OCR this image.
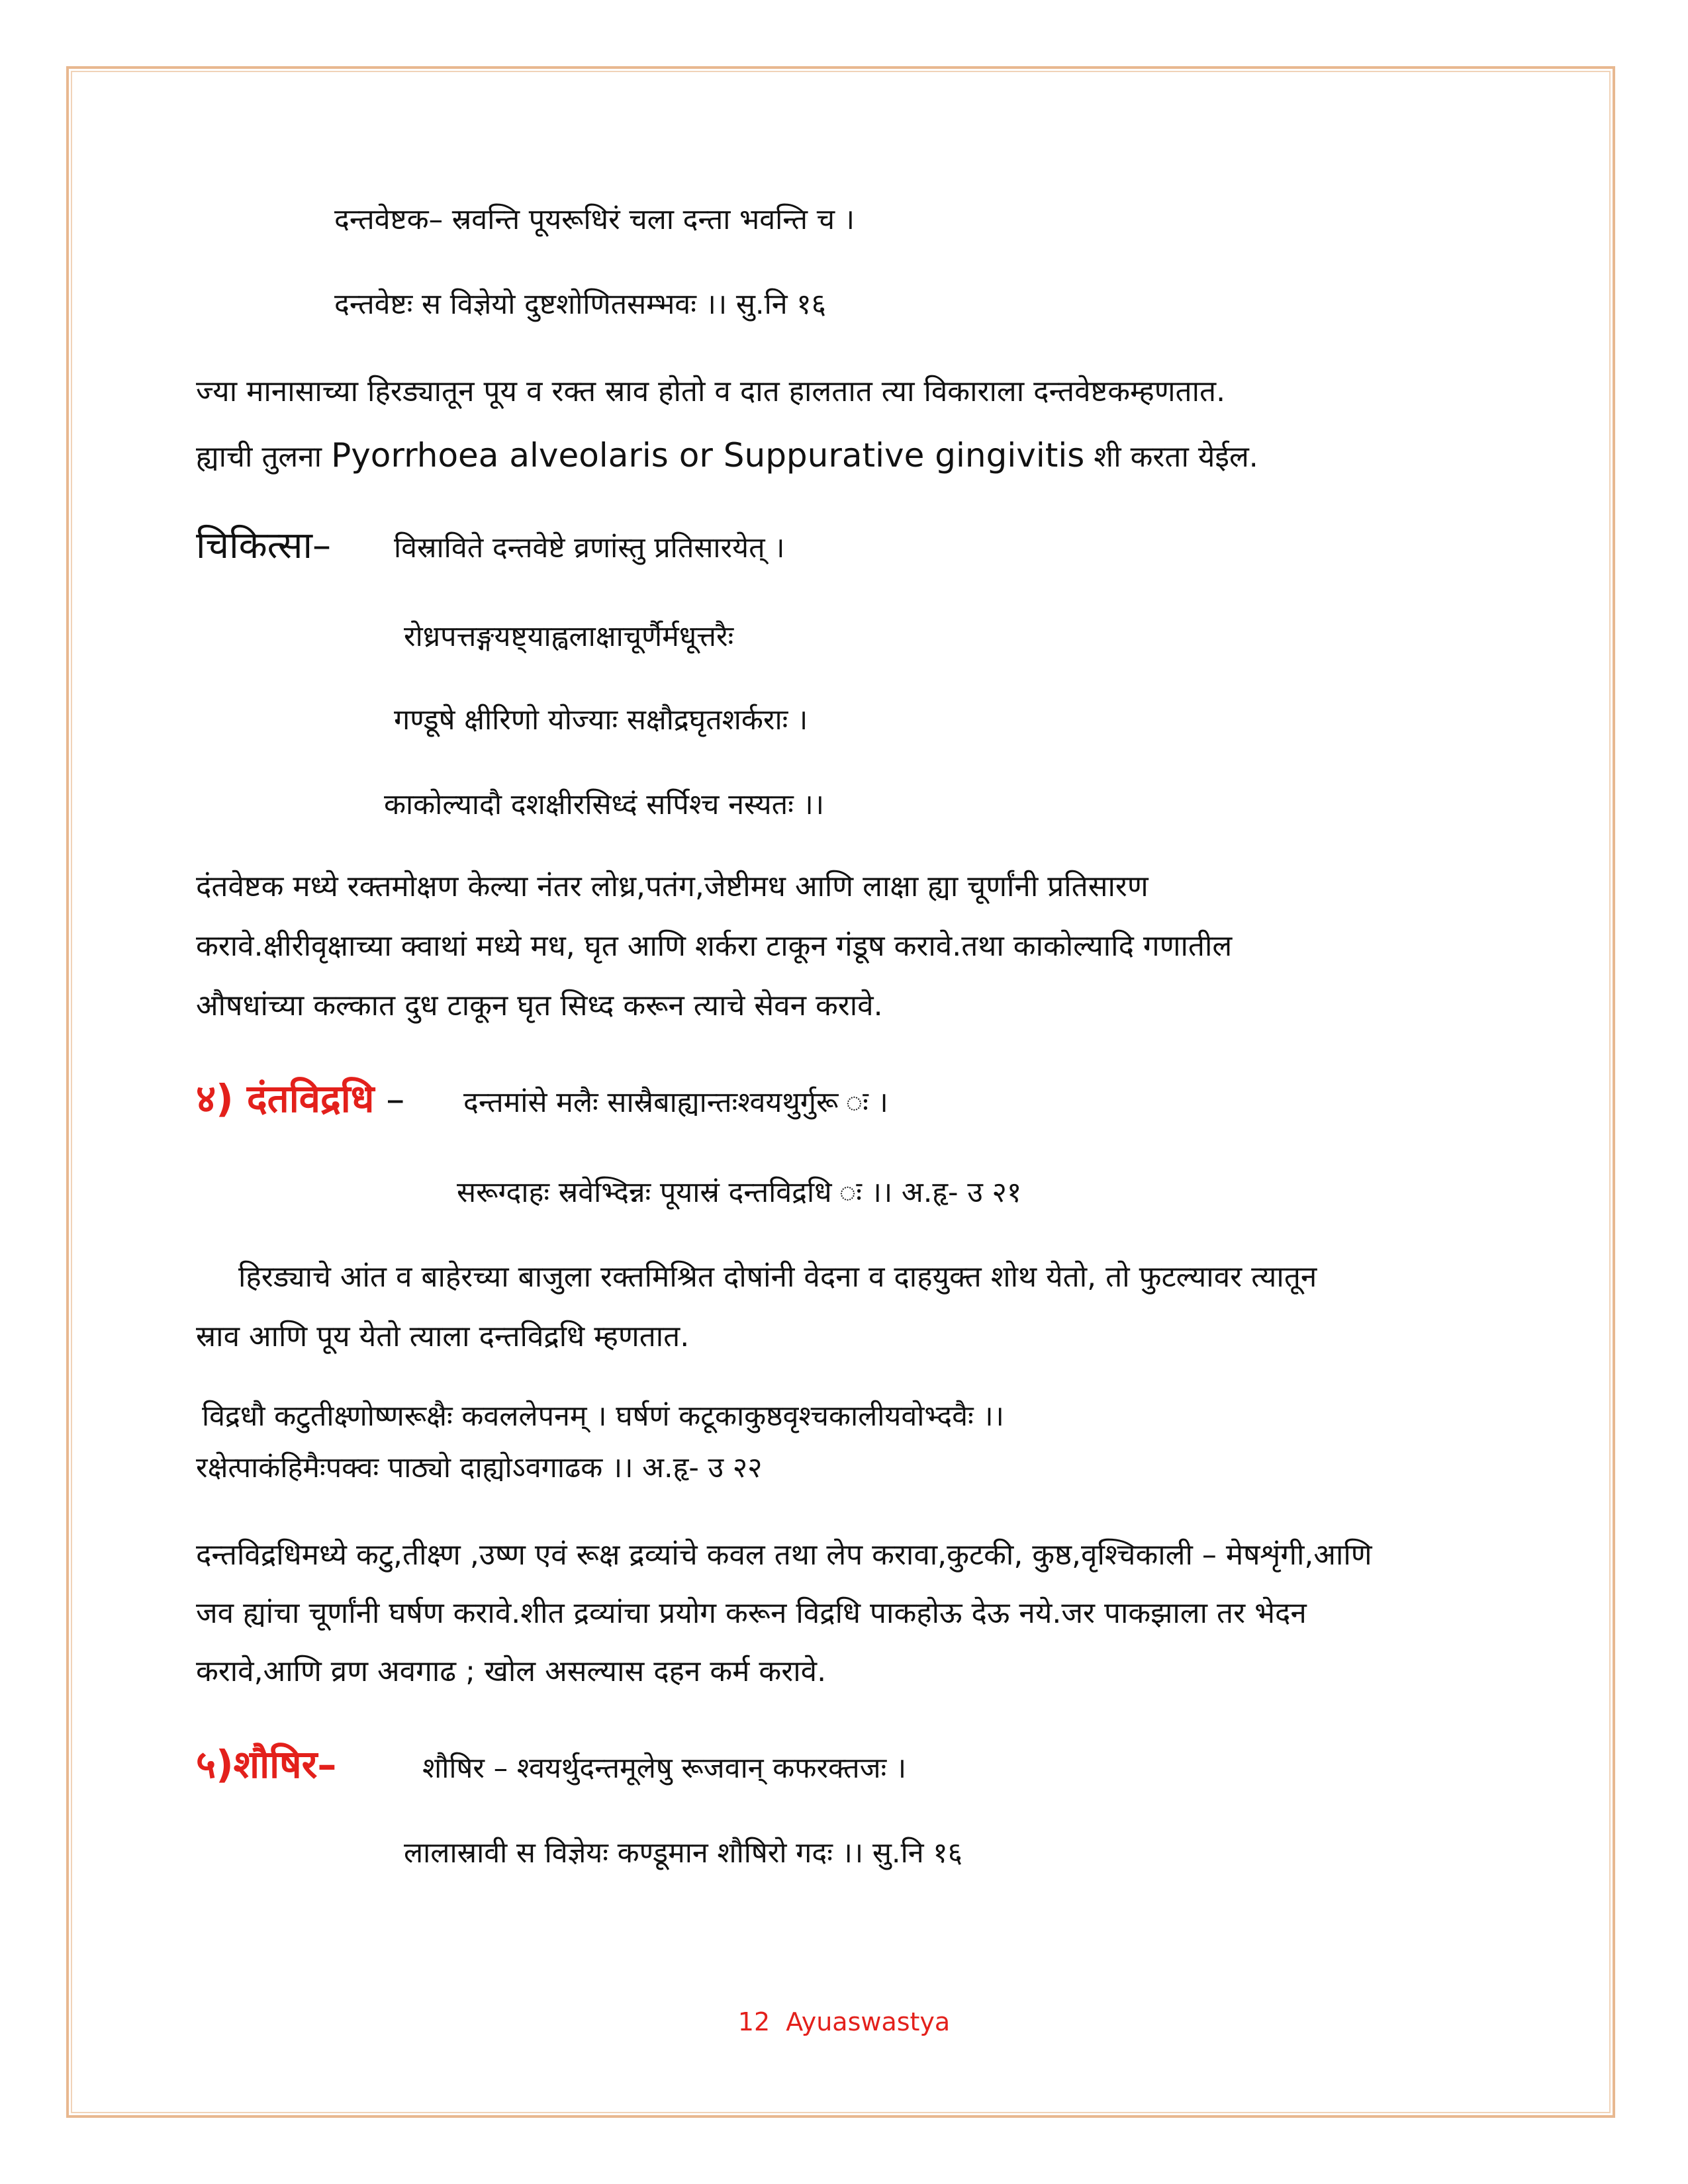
दन्तवेष्टक– स्रवन्ति पूयरूधिरं चला दन्ता भवन्ति च ।
दन्तवेष्टः स विज्ञेयो दुष्टशोणितसम्भवः ।। सु.नि १६
ज्या मानासाच्या हिरड्यातून पूय व रक्त स्राव होतो व दात हालतात त्या विकाराला दन्तवेष्टकम्हणतात.
ह्याची तुलना Pyorrhoea alveolaris or Suppurative gingivitis शी करता येईल.
चिकित्सा– विस्राविते दन्तवेष्टे व्रणांस्तु प्रतिसारयेत् ।
रोध्रपत्तङ्गयष्ट्याह्वलाक्षाचूर्णैर्मधूत्तरैः
गण्डूषे क्षीरिणो योज्याः सक्षौद्रघृतशर्कराः ।
काकोल्यादौ दशक्षीरसिध्दं सर्पिश्च नस्यतः ।।
दंतवेष्टक मध्ये रक्तमोक्षण केल्या नंतर लोध्र,पतंग,जेष्टीमध आणि लाक्षा ह्या चूर्णांनी प्रतिसारण
करावे.क्षीरीवृक्षाच्या क्वाथां मध्ये मध, घृत आणि शर्करा टाकून गंडूष करावे.तथा काकोल्यादि गणातील
औषधांच्या कल्कात दुध टाकून घृत सिध्द करून त्याचे सेवन करावे.
४) दंतविद्रधि – दन्तमांसे मलैः सास्रैबाह्यान्तःश्वयथुर्गुरू ः ।
सरूग्दाहः स्रवेभ्दिन्नः पूयास्रं दन्तविद्रधि ः ।। अ.हृ- उ २१
हिरड्याचे आंत व बाहेरच्या बाजुला रक्तमिश्रित दोषांनी वेदना व दाहयुक्त शोथ येतो, तो फुटल्यावर त्यातून
स्राव आणि पूय येतो त्याला दन्तविद्रधि म्हणतात.
विद्रधौ कटुतीक्ष्णोष्णरूक्षैः कवललेपनम् । घर्षणं कटूकाकुष्ठवृश्चकालीयवोभ्दवैः ।।
रक्षेत्पाकंहिमैःपक्वः पाठ्यो दाह्योऽवगाढक ।। अ.हृ- उ २२
दन्तविद्रधिमध्ये कटु,तीक्ष्ण ,उष्ण एवं रूक्ष द्रव्यांचे कवल तथा लेप करावा,कुटकी, कुष्ठ,वृश्चिकाली – मेषशृंगी,आणि
जव ह्यांचा चूर्णांनी घर्षण करावे.शीत द्रव्यांचा प्रयोग करून विद्रधि पाकहोऊ देऊ नये.जर पाकझाला तर भेदन
करावे,आणि व्रण अवगाढ ; खोल असल्यास दहन कर्म करावे.
५)शौषिर–	शौषिर – श्वयर्थुदन्तमूलेषु रूजवान् कफरक्तजः ।
लालास्रावी स विज्ञेयः कण्डूमान शौषिरो गदः ।। सु.नि १६
12 Ayuaswastya
